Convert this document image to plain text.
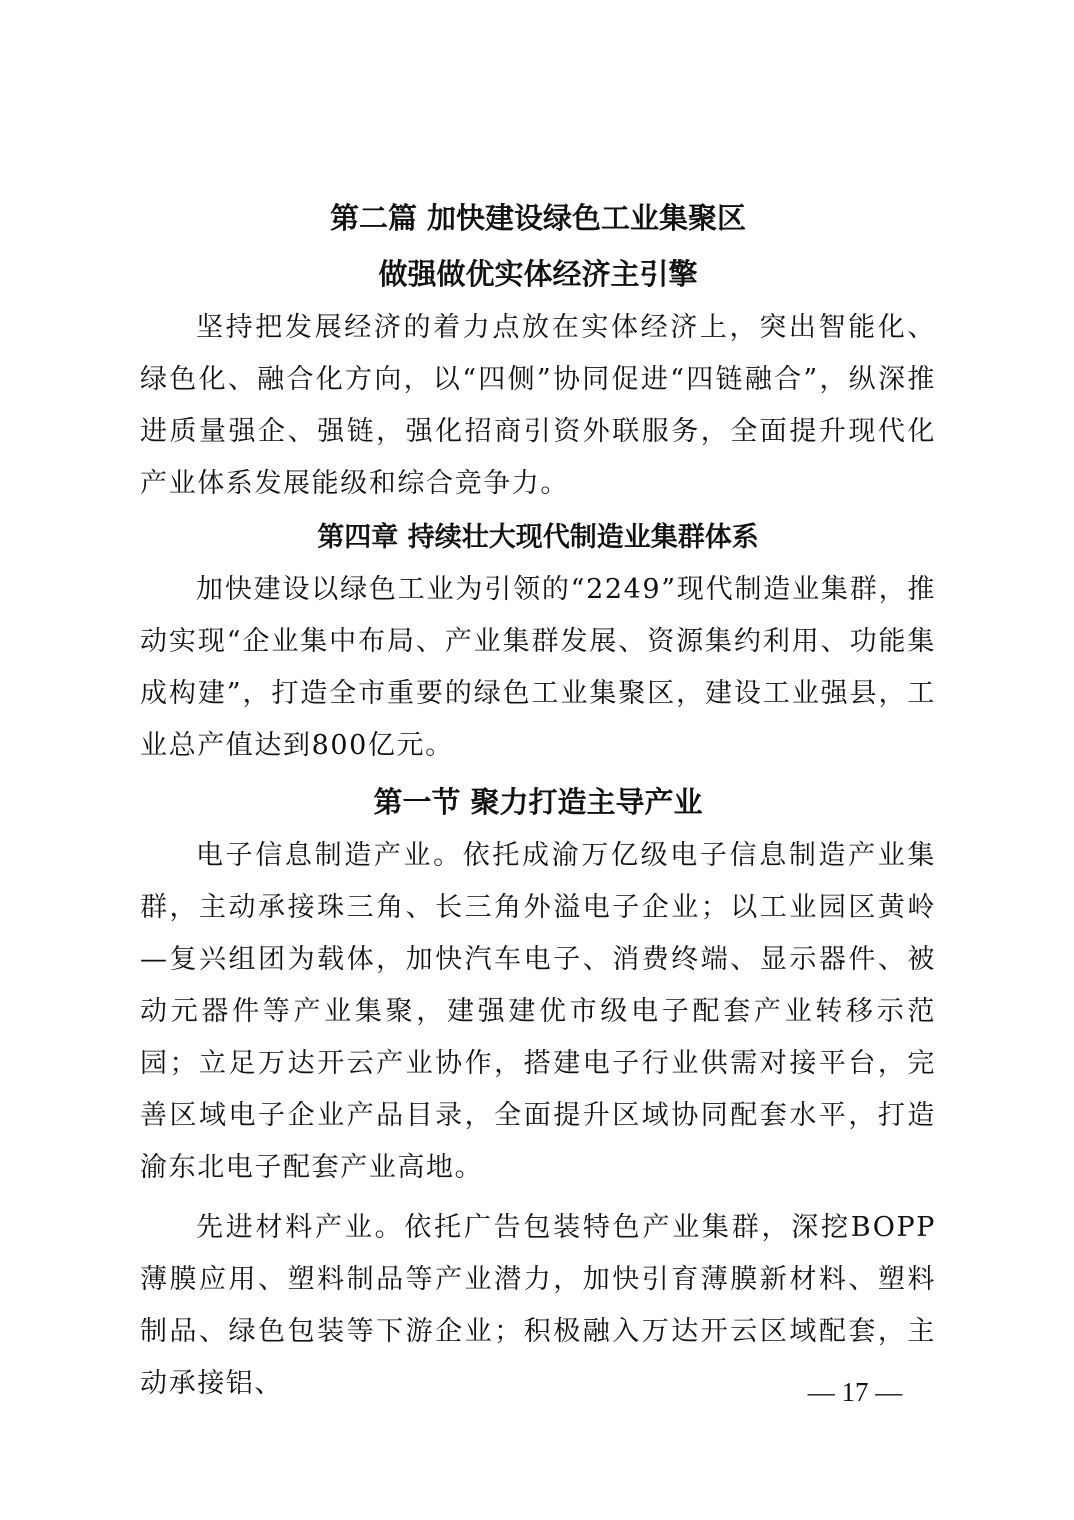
第二篇 加快建设绿色工业集聚区
做强做优实体经济主引擎

坚持把发展经济的着力点放在实体经济上，突出智能化、绿色化、融合化方向，以“四侧”协同促进“四链融合”，纵深推进质量强企、强链，强化招商引资外联服务，全面提升现代化产业体系发展能级和综合竞争力。

第四章 持续壮大现代制造业集群体系

加快建设以绿色工业为引领的“2249”现代制造业集群，推动实现“企业集中布局、产业集群发展、资源集约利用、功能集成构建”，打造全市重要的绿色工业集聚区，建设工业强县，工业总产值达到800亿元。

第一节 聚力打造主导产业

电子信息制造产业。依托成渝万亿级电子信息制造产业集群，主动承接珠三角、长三角外溢电子企业；以工业园区黄岭—复兴组团为载体，加快汽车电子、消费终端、显示器件、被动元器件等产业集聚，建强建优市级电子配套产业转移示范园；立足万达开云产业协作，搭建电子行业供需对接平台，完善区域电子企业产品目录，全面提升区域协同配套水平，打造渝东北电子配套产业高地。

先进材料产业。依托广告包装特色产业集群，深挖BOPP薄膜应用、塑料制品等产业潜力，加快引育薄膜新材料、塑料制品、绿色包装等下游企业；积极融入万达开云区域配套，主动承接铝、	— 17 —
